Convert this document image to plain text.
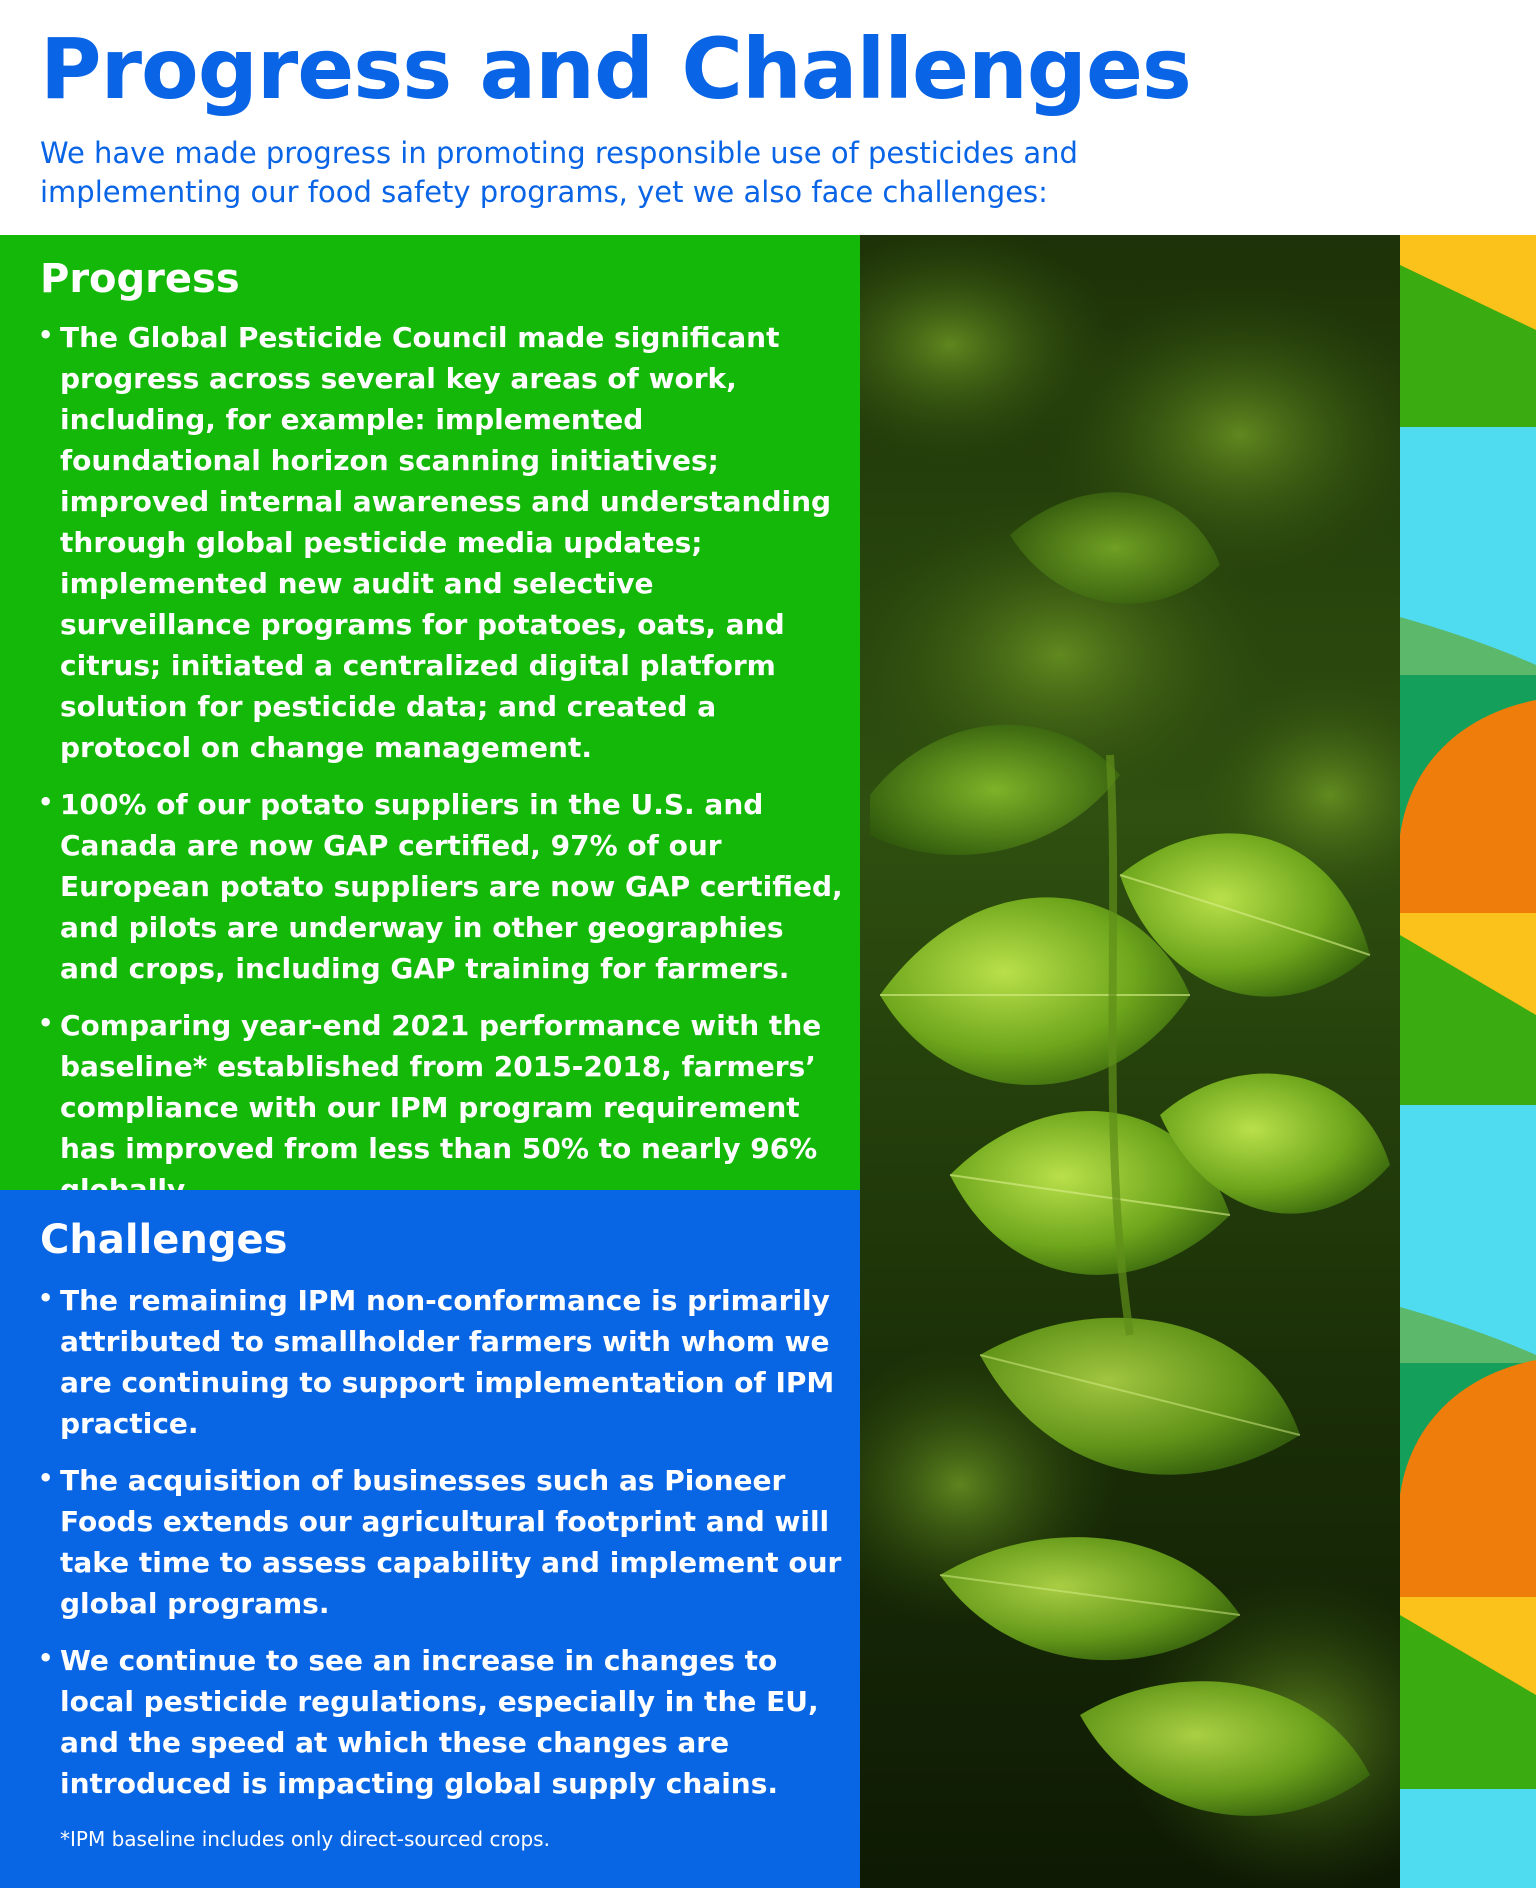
Progress and Challenges

We have made progress in promoting responsible use of pesticides and implementing our food safety programs, yet we also face challenges:

Progress
• The Global Pesticide Council made significant progress across several key areas of work, including, for example: implemented foundational horizon scanning initiatives; improved internal awareness and understanding through global pesticide media updates; implemented new audit and selective surveillance programs for potatoes, oats, and citrus; initiated a centralized digital platform solution for pesticide data; and created a protocol on change management.
• 100% of our potato suppliers in the U.S. and Canada are now GAP certified, 97% of our European potato suppliers are now GAP certified, and pilots are underway in other geographies and crops, including GAP training for farmers.
• Comparing year-end 2021 performance with the baseline* established from 2015-2018, farmers’ compliance with our IPM program requirement has improved from less than 50% to nearly 96%
Challenges
• The remaining IPM non-conformance is primarily attributed to smallholder farmers with whom we are continuing to support implementation of IPM practice.
• The acquisition of businesses such as Pioneer Foods extends our agricultural footprint and will take time to assess capability and implement our global programs.
• We continue to see an increase in changes to local pesticide regulations, especially in the EU, and the speed at which these changes are introduced is impacting global supply chains.

*IPM baseline includes only direct-sourced crops.
